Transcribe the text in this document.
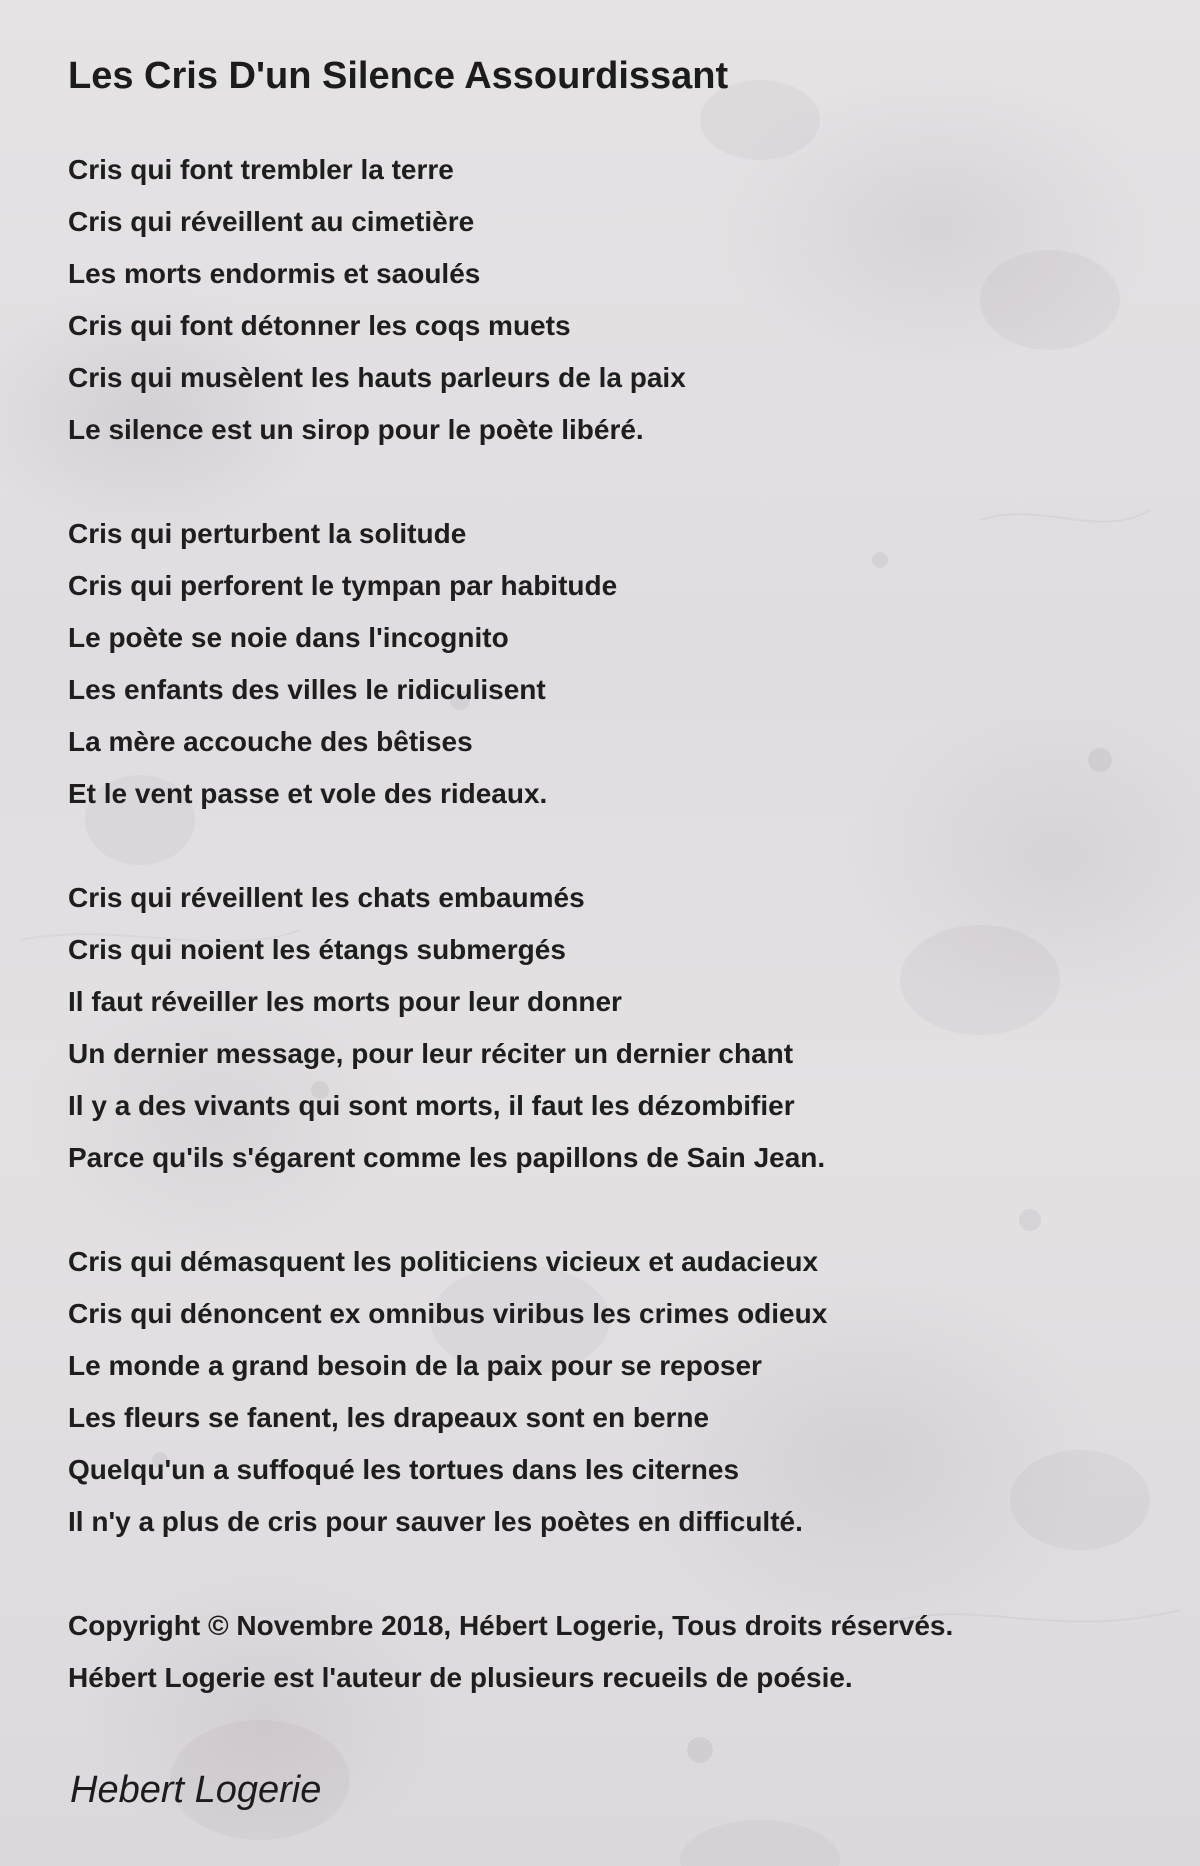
Les Cris D'un Silence Assourdissant
Cris qui font trembler la terre
Cris qui réveillent au cimetière
Les morts endormis et saoulés
Cris qui font détonner les coqs muets
Cris qui musèlent les hauts parleurs de la paix
Le silence est un sirop pour le poète libéré.
Cris qui perturbent la solitude
Cris qui perforent le tympan par habitude
Le poète se noie dans l'incognito
Les enfants des villes le ridiculisent
La mère accouche des bêtises
Et le vent passe et vole des rideaux.
Cris qui réveillent les chats embaumés
Cris qui noient les étangs submergés
Il faut réveiller les morts pour leur donner
Un dernier message, pour leur réciter un dernier chant
Il y a des vivants qui sont morts, il faut les dézombifier
Parce qu'ils s'égarent comme les papillons de Sain Jean.
Cris qui démasquent les politiciens vicieux et audacieux
Cris qui dénoncent ex omnibus viribus les crimes odieux
Le monde a grand besoin de la paix pour se reposer
Les fleurs se fanent, les drapeaux sont en berne
Quelqu'un a suffoqué les tortues dans les citernes
Il n'y a plus de cris pour sauver les poètes en difficulté.
Copyright © Novembre 2018, Hébert Logerie, Tous droits réservés.
Hébert Logerie est l'auteur de plusieurs recueils de poésie.
Hebert Logerie
